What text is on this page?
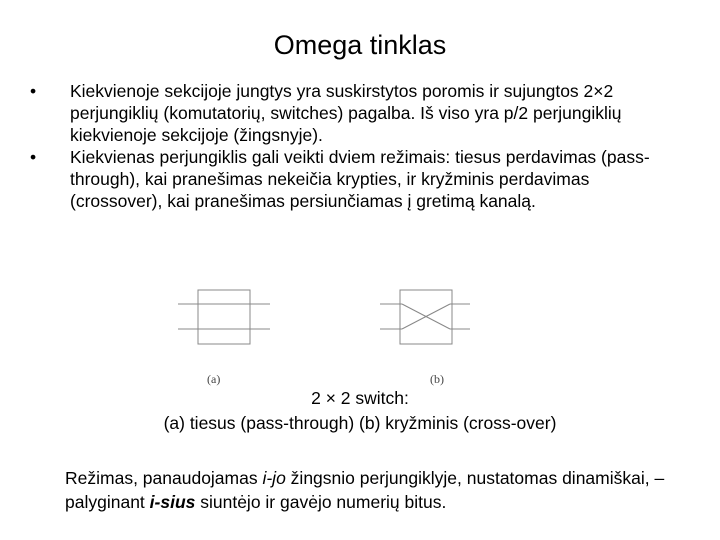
Omega tinklas
•	Kiekvienoje sekcijoje jungtys yra suskirstytos poromis ir sujungtos 2×2 perjungiklių (komutatorių, switches) pagalba. Iš viso yra p/2 perjungiklių kiekvienoje sekcijoje (žingsnyje).
•	Kiekvienas perjungiklis gali veikti dviem režimais: tiesus perdavimas (pass-through), kai pranešimas nekeičia krypties, ir kryžminis perdavimas (crossover), kai pranešimas persiunčiamas į gretimą kanalą.
(a)	(b)
2 × 2 switch:
(a) tiesus (pass-through) (b) kryžminis (cross-over)
Režimas, panaudojamas i-jo žingsnio perjungiklyje, nustatomas dinamiškai, – palyginant i-sius siuntėjo ir gavėjo numerių bitus.
